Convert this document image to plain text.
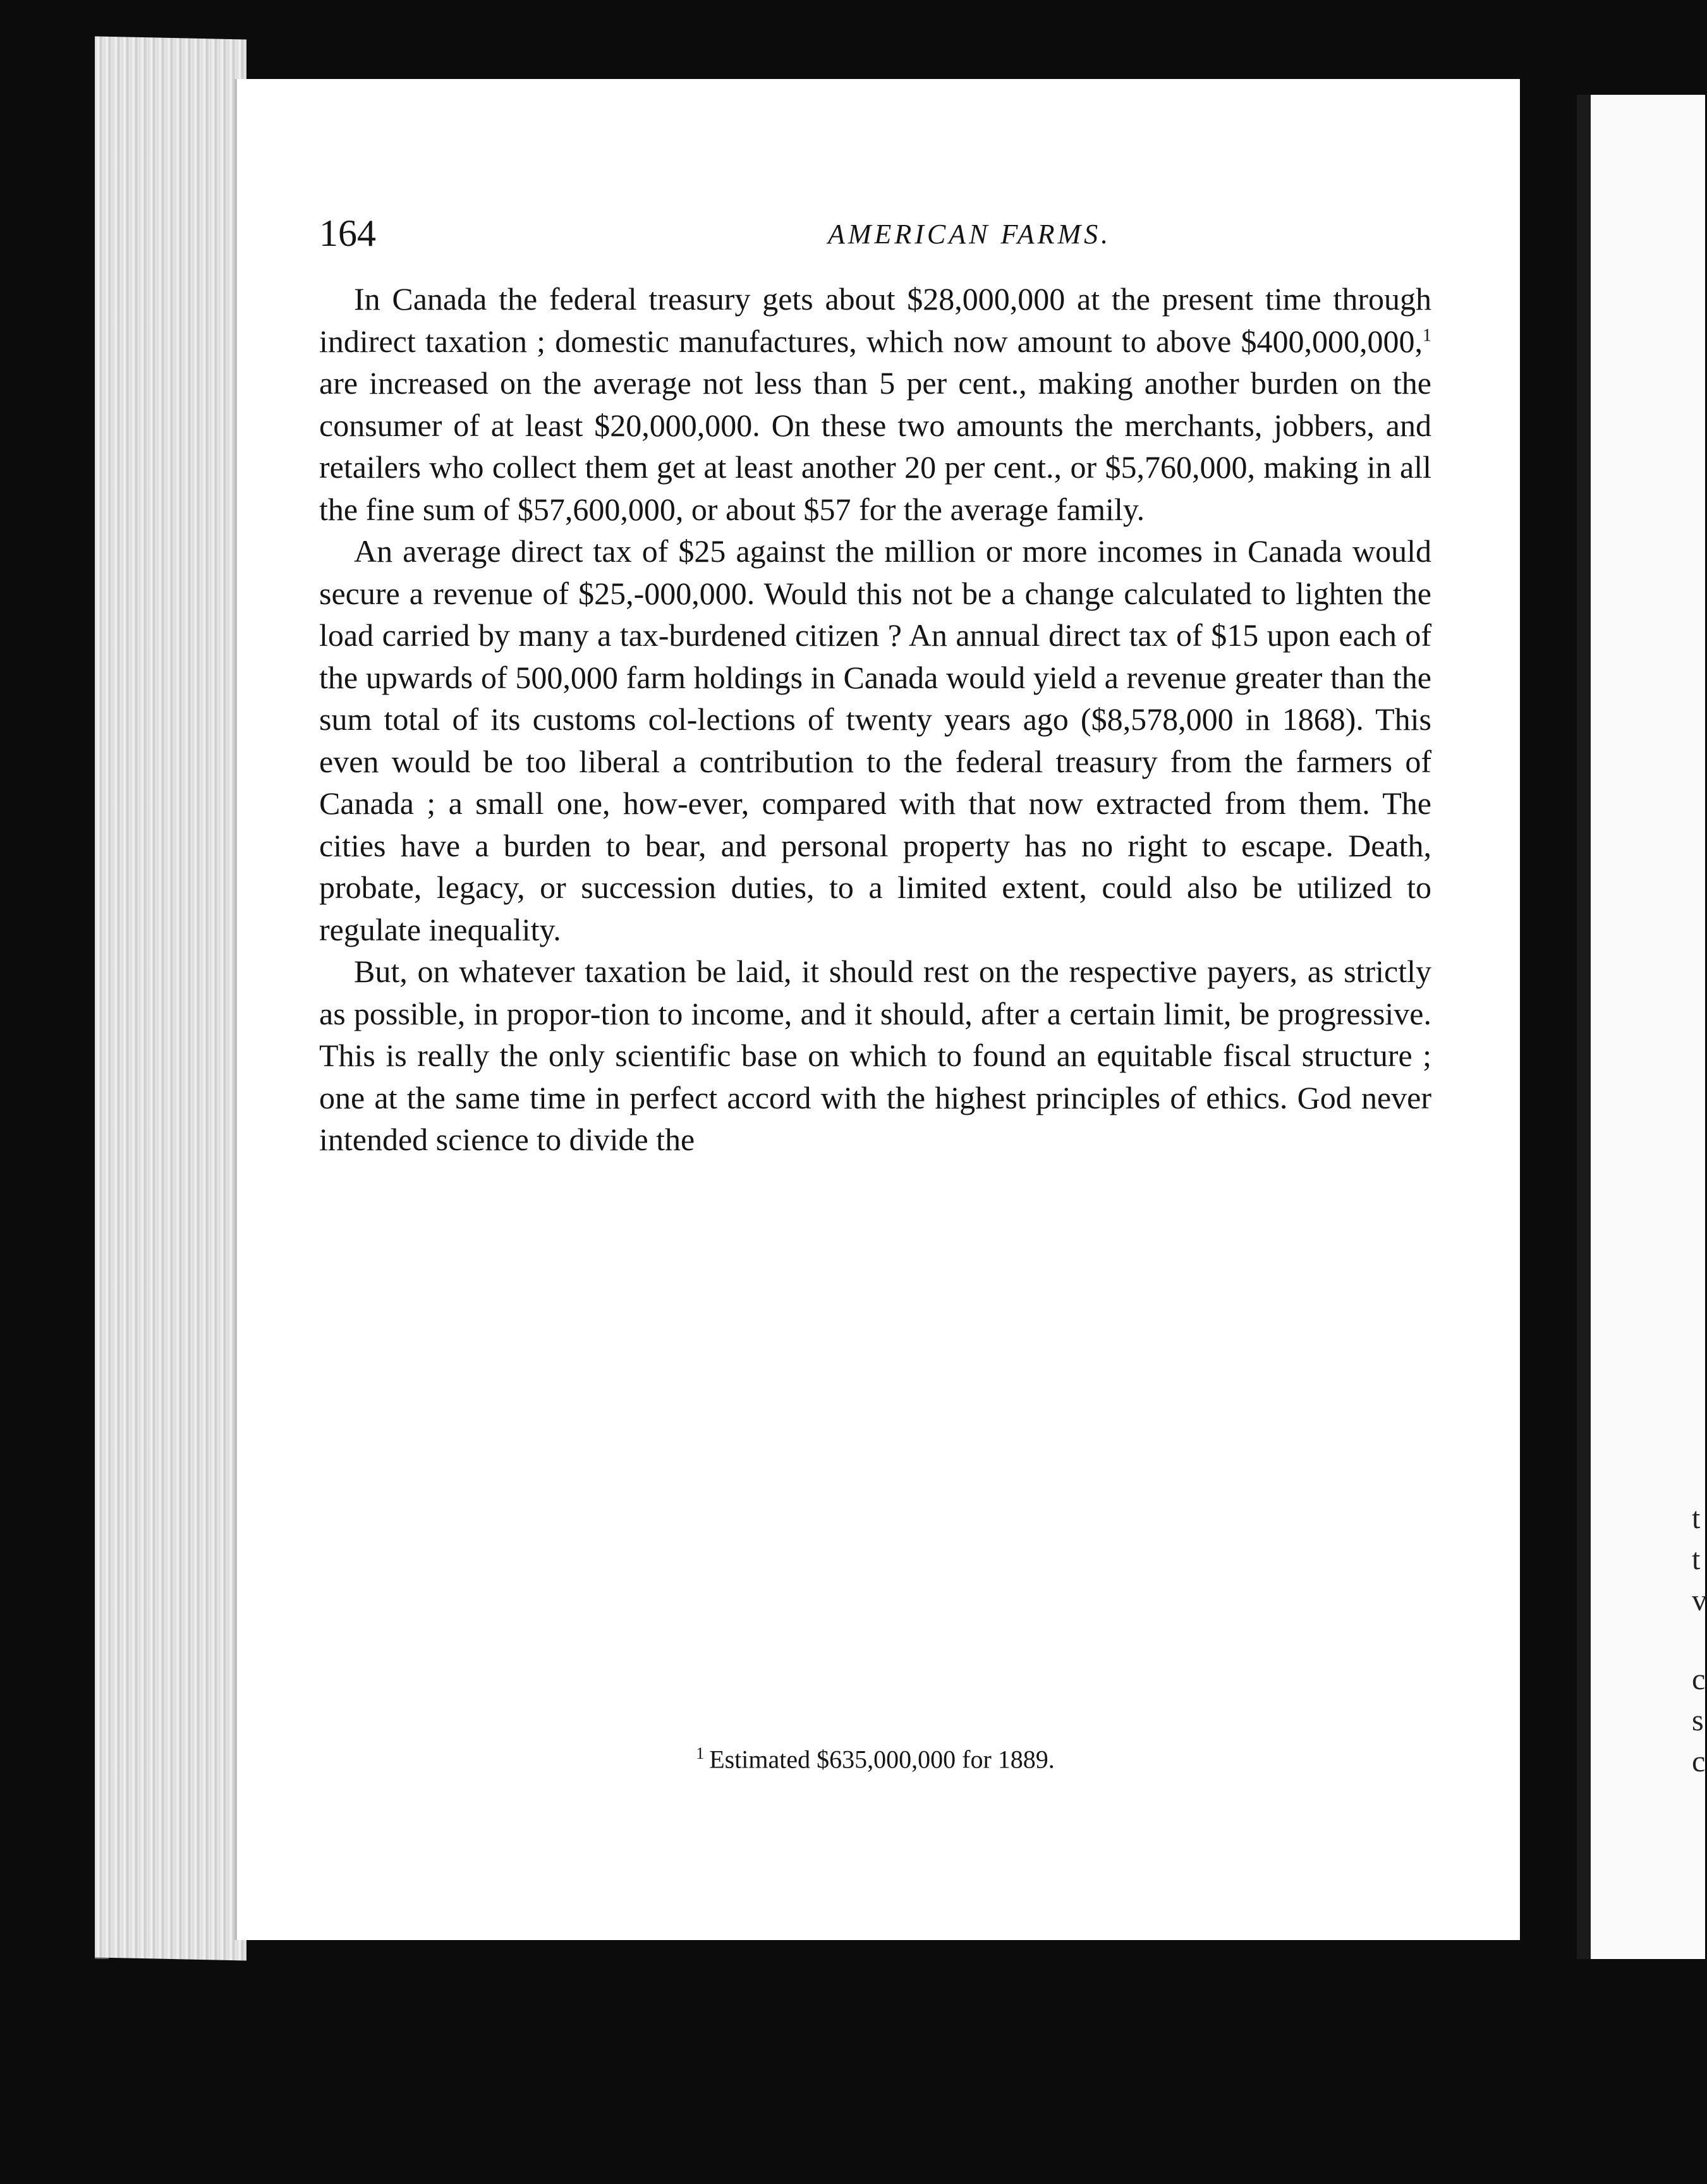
t
t
v
c
s
c
164	AMERICAN FARMS.

In Canada the federal treasury gets about $28,000,000 at the present time through indirect taxation ; domestic manufactures, which now amount to above $400,000,000,$^1$ are increased on the average not less than 5 per cent., making another burden on the consumer of at least $20,000,000. On these two amounts the merchants, jobbers, and retailers who collect them get at least another 20 per cent., or $5,760,000, making in all the fine sum of $57,600,000, or about $57 for the average family.

An average direct tax of $25 against the million or more incomes in Canada would secure a revenue of $25,-000,000. Would this not be a change calculated to lighten the load carried by many a tax-burdened citizen ? An annual direct tax of $15 upon each of the upwards of 500,000 farm holdings in Canada would yield a revenue greater than the sum total of its customs col-lections of twenty years ago ($8,578,000 in 1868). This even would be too liberal a contribution to the federal treasury from the farmers of Canada ; a small one, how-ever, compared with that now extracted from them. The cities have a burden to bear, and personal property has no right to escape. Death, probate, legacy, or succession duties, to a limited extent, could also be utilized to regulate inequality.

But, on whatever taxation be laid, it should rest on the respective payers, as strictly as possible, in propor-tion to income, and it should, after a certain limit, be progressive. This is really the only scientific base on which to found an equitable fiscal structure ; one at the same time in perfect accord with the highest principles of ethics. God never intended science to divide the

$^1$ Estimated $635,000,000 for 1889.
